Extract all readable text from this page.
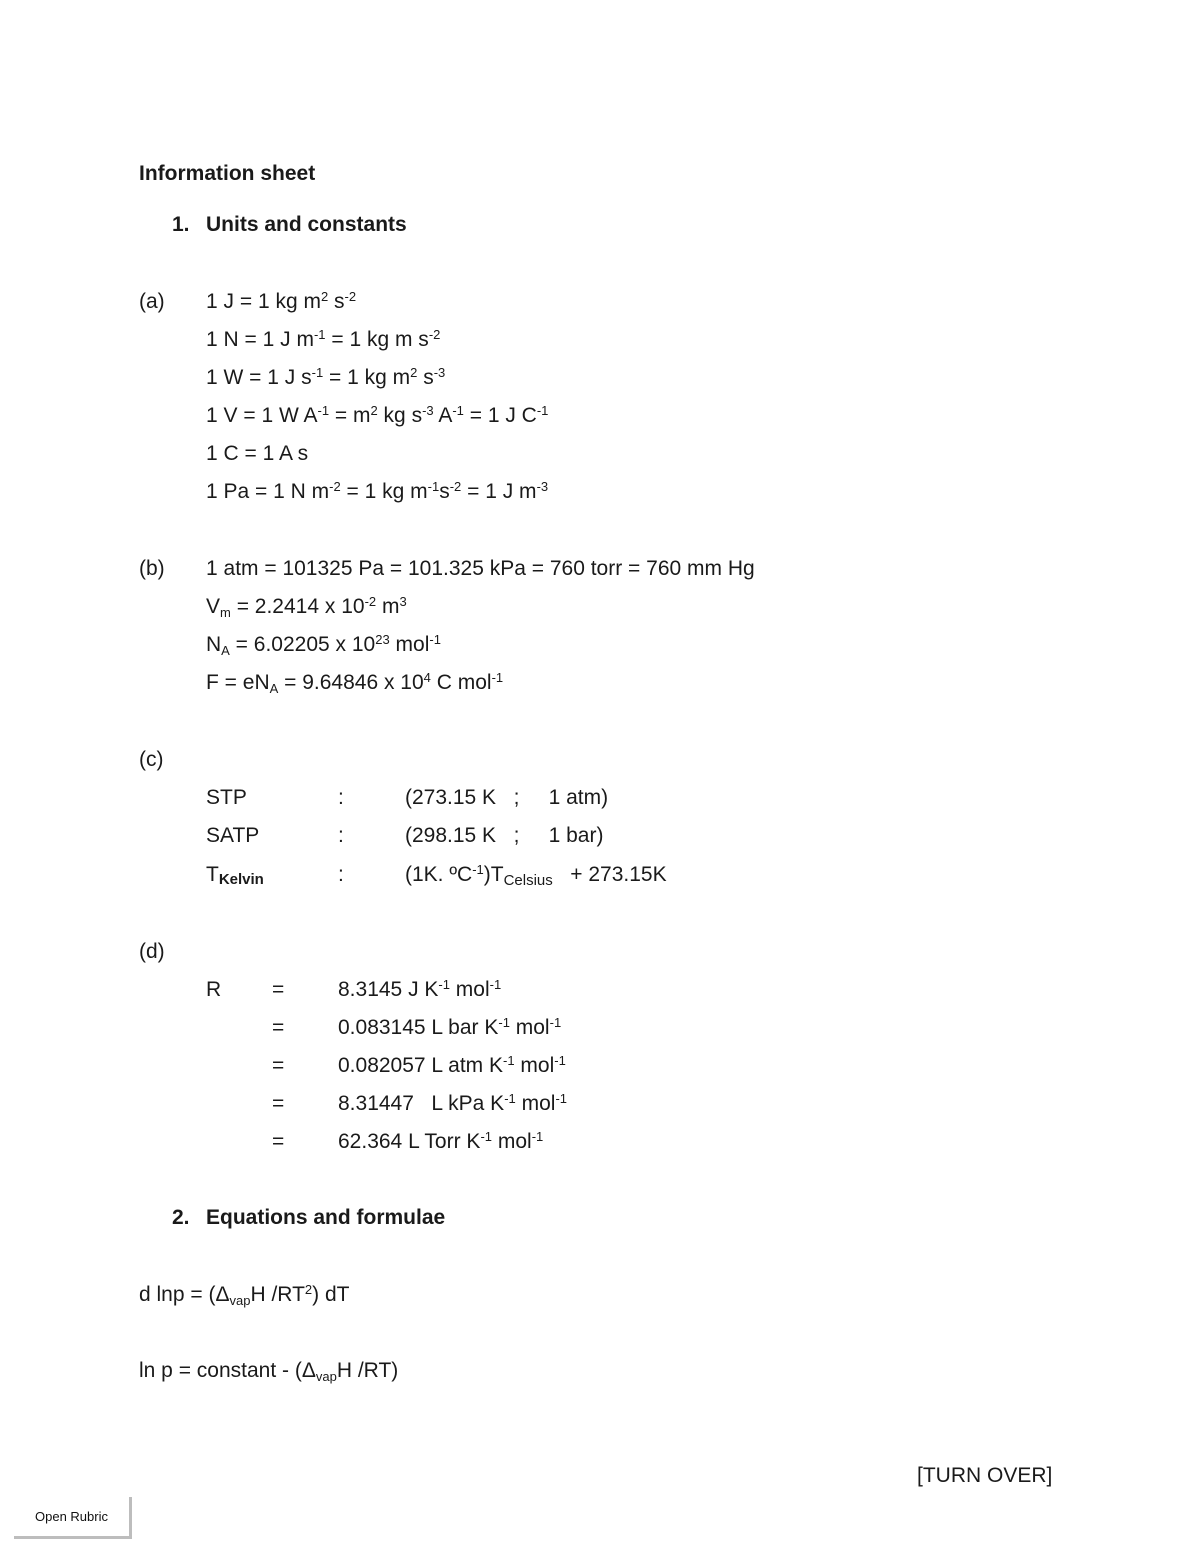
Information sheet
1. Units and constants
(a) 1 J = 1 kg $m^2$ $s^{-2}$
1 N = 1 J $m^{-1} = 1$ kg m $s^{-2}$
1 W = 1 J $s^{-1} = 1$ kg $m^2$ $s^{-3}$
1 V = 1 W $A^{-1} = m^2$ kg $s^{-3}$ $A^{-1} = 1$ J $C^{-1}$
1 C = 1 A s
1 Pa = 1 N $m^{-2} = 1$ kg $m^{-1}s^{-2} = 1$ J $m^{-3}$
(b) 1 atm = 101325 Pa = 101.325 kPa = 760 torr = 760 mm Hg
$V_m = 2.2414$ x $10^{-2}$ $m^3$
$N_A = 6.02205$ x $10^{23}$ mol$^{-1}$
$F = eN_A = 9.64846$ x $10^4$ C mol$^{-1}$
(c)
STP	:	(273.15 K   ;     1 atm)
SATP	:	(298.15 K   ;     1 bar)
TKelvin	:	(1K. $ºC^{-1})T_{Celsius} + 273.15K$
(d)
R =	8.3145 J $K^{-1}$ mol$^{-1}$
=	0.083145 L bar $K^{-1}$ mol$^{-1}$
=	0.082057 L atm $K^{-1}$ mol$^{-1}$
=	8.31447   L kPa $K^{-1}$ mol$^{-1}$
=	62.364 L Torr $K^{-1}$ mol$^{-1}$
2. Equations and formulae
d $\ln p = (\Delta_{vap}H$ $/RT^2$) dT
ln p = constant - ($\Delta_{vap}H$ /RT)
[TURN OVER]
Open Rubric
